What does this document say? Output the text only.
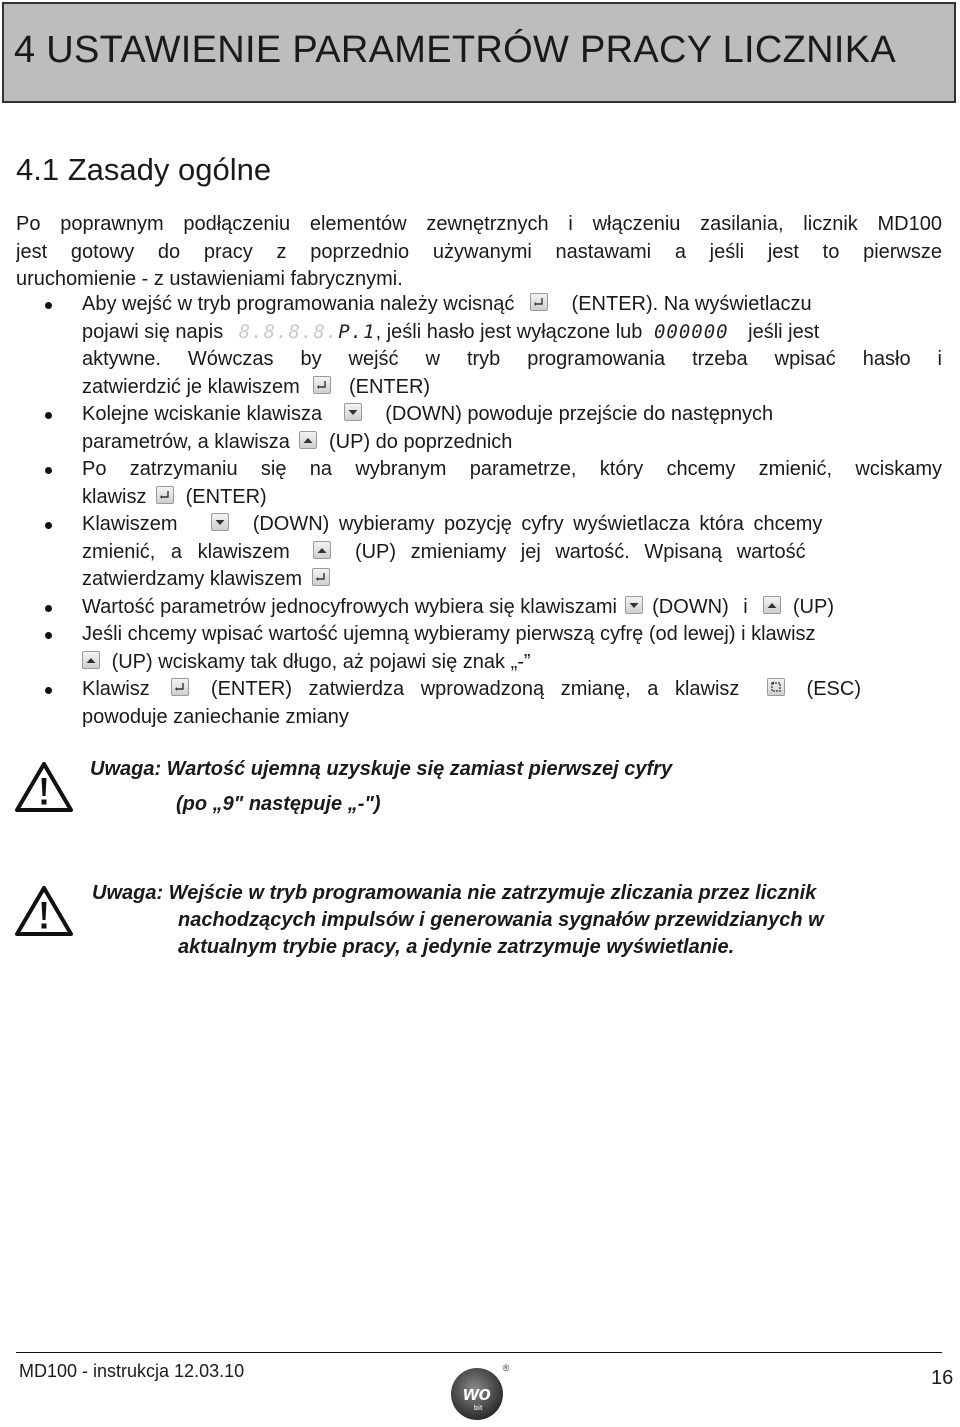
4 USTAWIENIE PARAMETRÓW PRACY LICZNIKA
4.1 Zasady ogólne
Po poprawnym podłączeniu elementów zewnętrznych i włączeniu zasilania, licznik MD100
jest gotowy do pracy z poprzednio używanymi nastawami a jeśli jest to pierwsze
uruchomienie - z ustawieniami fabrycznymi.
Aby wejść w tryb programowania należy wcisnąć	(ENTER). Na wyświetlaczu
pojawi się napis 8.8.8.8.P.1, jeśli hasło jest wyłączone lub 000000 jeśli jest
aktywne. Wówczas by wejść w tryb programowania trzeba wpisać hasło i
zatwierdzić je klawiszem (ENTER)
Kolejne wciskanie klawisza	(DOWN) powoduje przejście do następnych
parametrów, a klawisza (UP) do poprzednich
Po zatrzymaniu się na wybranym parametrze, który chcemy zmienić, wciskamy
klawisz (ENTER)
Klawiszem	(DOWN) wybieramy pozycję cyfry wyświetlacza która chcemy
zmienić, a klawiszem	(UP) zmieniamy jej wartość. Wpisaną wartość
zatwierdzamy klawiszem
Wartość parametrów jednocyfrowych wybiera się klawiszami (DOWN) i (UP)
Jeśli chcemy wpisać wartość ujemną wybieramy pierwszą cyfrę (od lewej) i klawisz
(UP) wciskamy tak długo, aż pojawi się znak „-”
Klawisz	(ENTER) zatwierdza wprowadzoną zmianę, a klawisz	(ESC)
powoduje zaniechanie zmiany
Uwaga: Wartość ujemną uzyskuje się zamiast pierwszej cyfry
(po „9" następuje „-")
Uwaga: Wejście w tryb programowania nie zatrzymuje zliczania przez licznik
nachodzących impulsów i generowania sygnałów przewidzianych w
aktualnym trybie pracy, a jedynie zatrzymuje wyświetlanie.
MD100 - instrukcja 12.03.10
wo
bit
®	16
